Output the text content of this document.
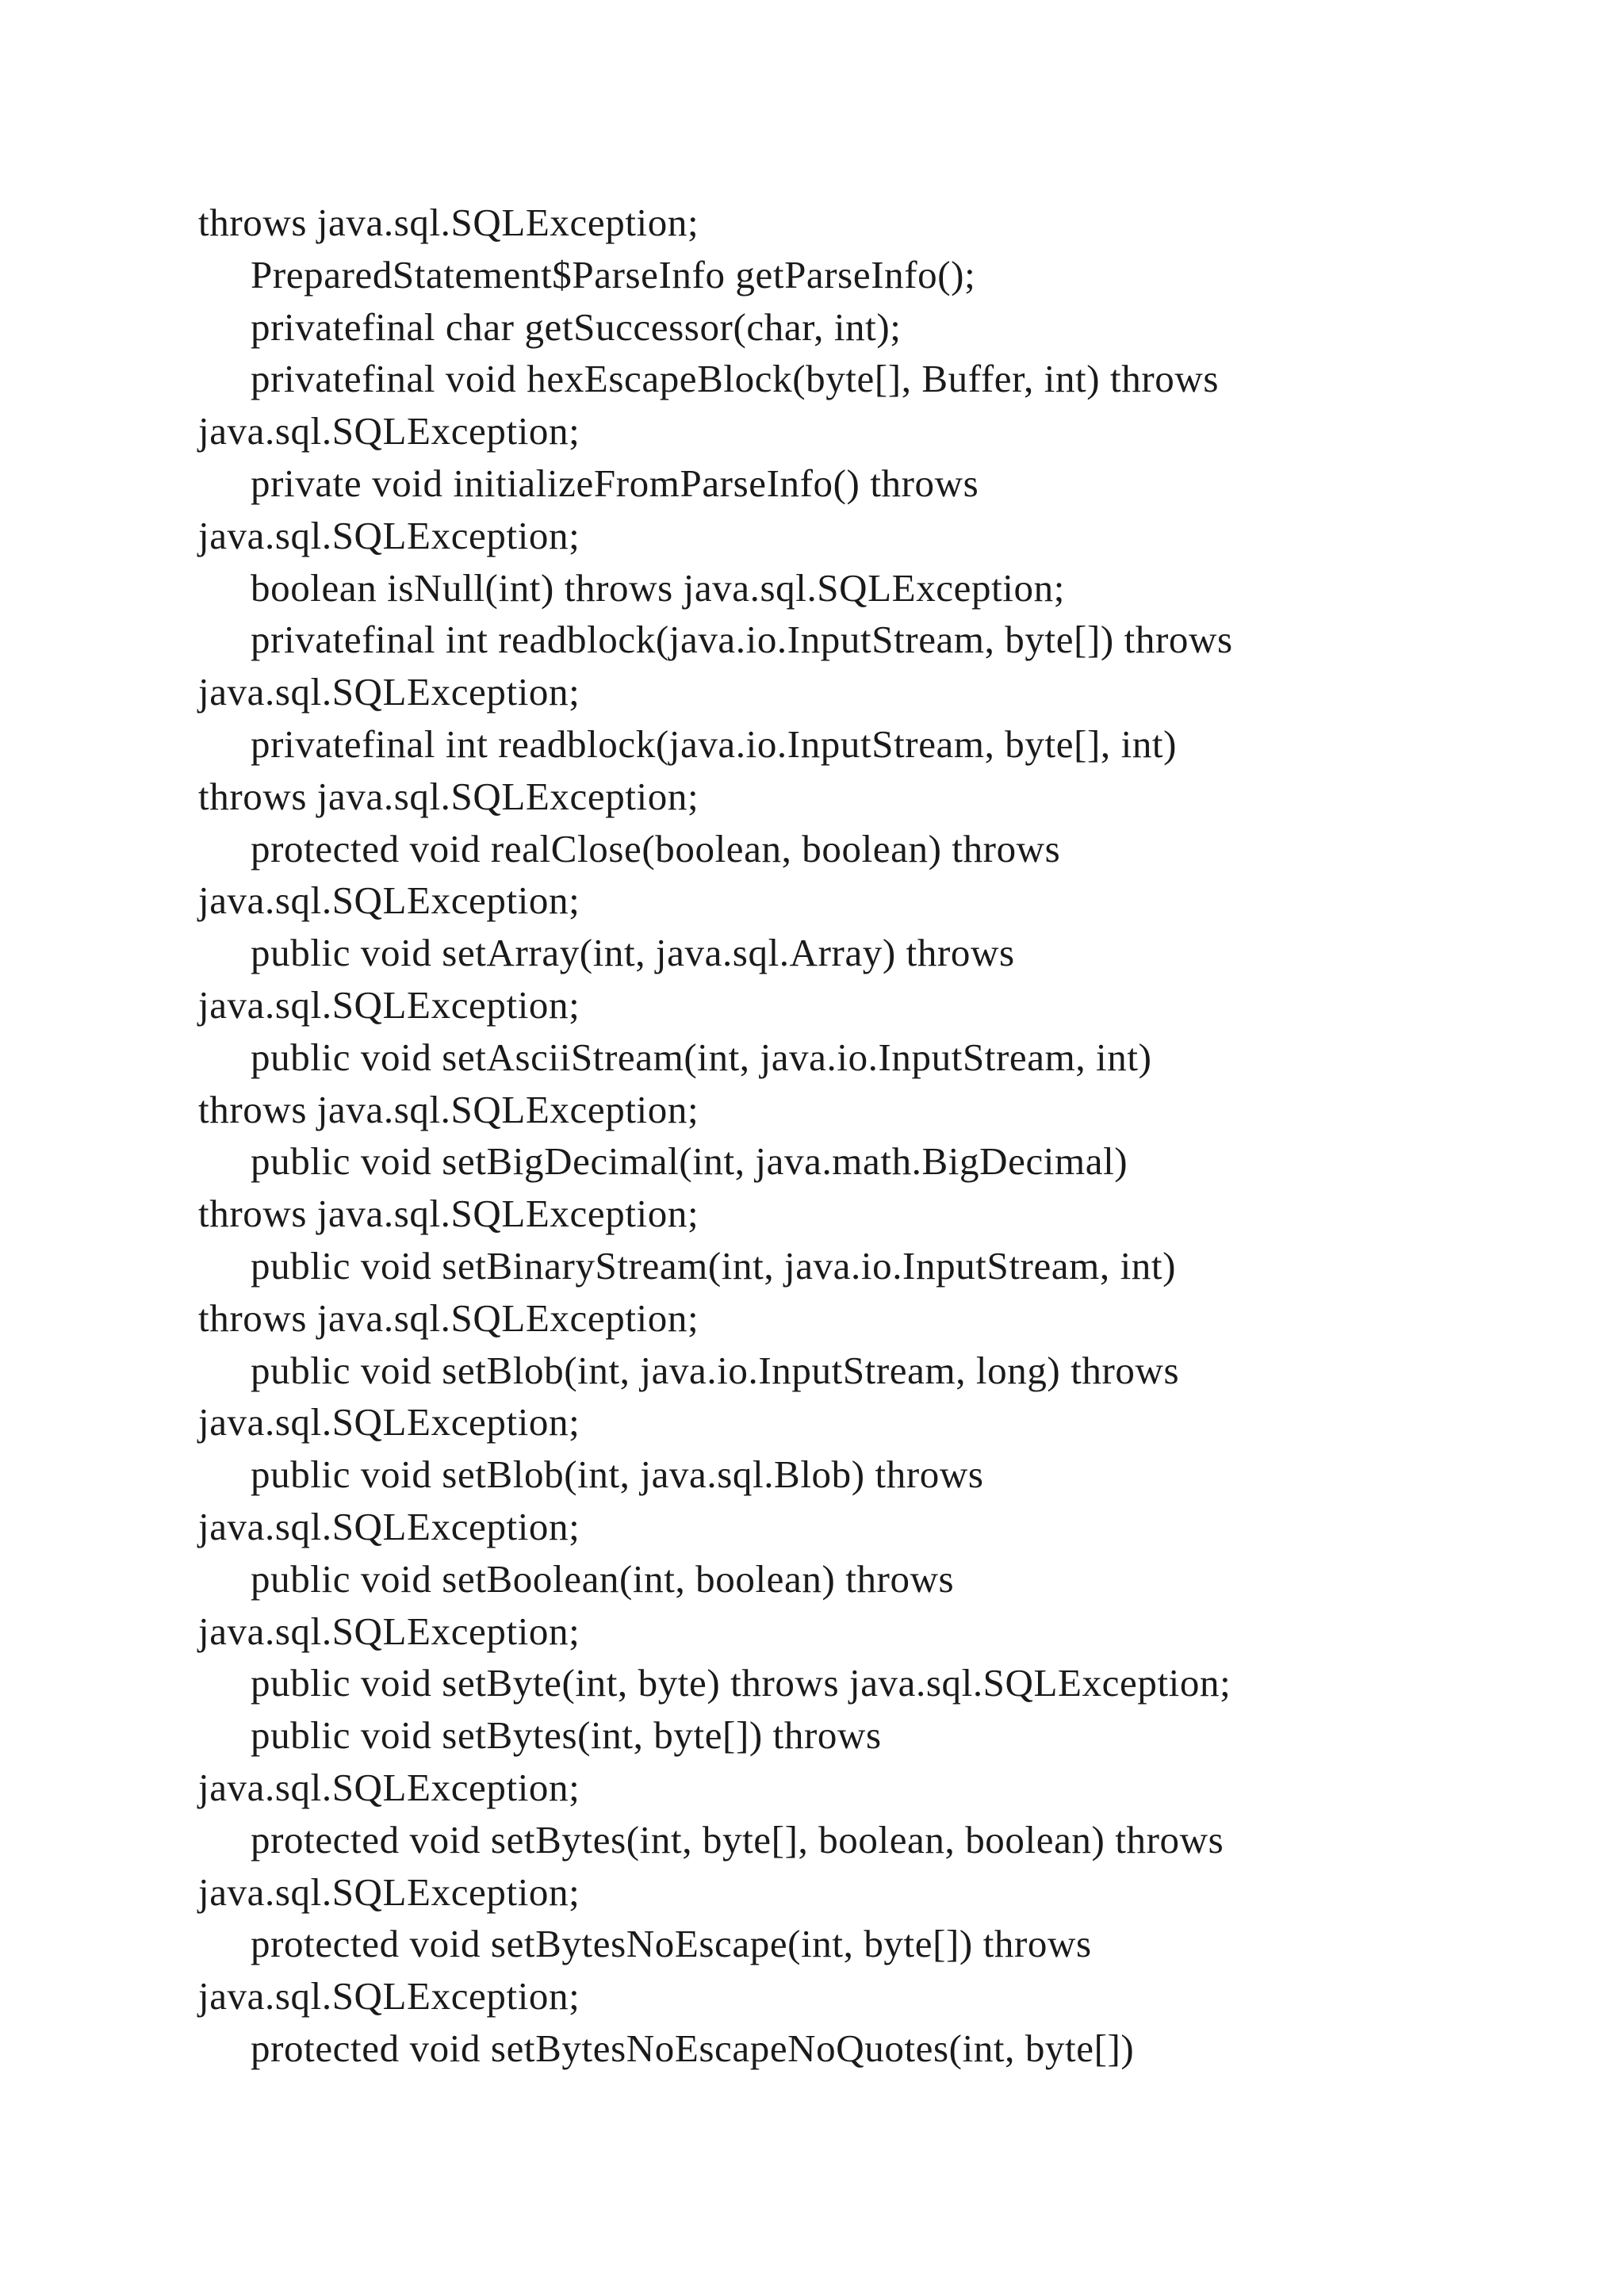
throws java.sql.SQLException;

PreparedStatement$ParseInfo getParseInfo();

privatefinal char getSuccessor(char, int);

privatefinal void hexEscapeBlock(byte[], Buffer, int) throws

java.sql.SQLException;

private void initializeFromParseInfo() throws

java.sql.SQLException;

boolean isNull(int) throws java.sql.SQLException;

privatefinal int readblock(java.io.InputStream, byte[]) throws

java.sql.SQLException;

privatefinal int readblock(java.io.InputStream, byte[], int)

throws java.sql.SQLException;

protected void realClose(boolean, boolean) throws

java.sql.SQLException;

public void setArray(int, java.sql.Array) throws

java.sql.SQLException;

public void setAsciiStream(int, java.io.InputStream, int)

throws java.sql.SQLException;

public void setBigDecimal(int, java.math.BigDecimal)

throws java.sql.SQLException;

public void setBinaryStream(int, java.io.InputStream, int)

throws java.sql.SQLException;

public void setBlob(int, java.io.InputStream, long) throws

java.sql.SQLException;

public void setBlob(int, java.sql.Blob) throws

java.sql.SQLException;

public void setBoolean(int, boolean) throws

java.sql.SQLException;

public void setByte(int, byte) throws java.sql.SQLException;

public void setBytes(int, byte[]) throws

java.sql.SQLException;

protected void setBytes(int, byte[], boolean, boolean) throws

java.sql.SQLException;

protected void setBytesNoEscape(int, byte[]) throws

java.sql.SQLException;

protected void setBytesNoEscapeNoQuotes(int, byte[])
